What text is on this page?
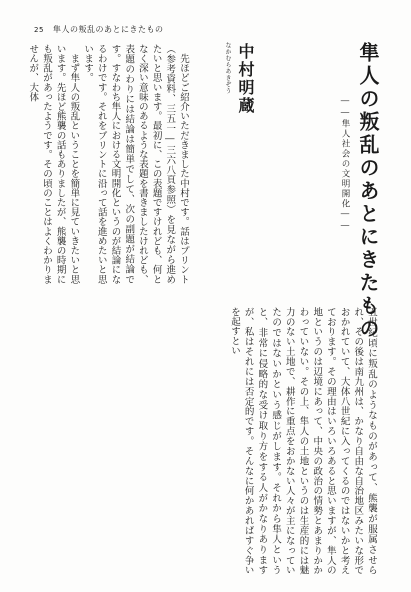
25 隼人の叛乱のあとにきたもの
隼人の叛乱のあとにきたもの
――隼人社会の文明開化――
なかむらあきぞう 中村明蔵

　先ほどご紹介いただきました中村です。話はプリント（参考資料、三五一―三六八頁参照）を見ながら進めたいと思います。最初に、この表題ですけれども、何となく深い意味のあるような表題を書きましたけれども、表題のわりには結論は簡単でして、次の副題が結論です。すなわち隼人における文明開化というのが結論になるわけです。それをプリントに沿って話を進めたいと思います。

　まず隼人の叛乱ということを簡単に見ていきたいと思います。先ほど熊襲の話もありましたが、熊襲の時期にも叛乱があったようです。その頃のことはよくわかりませんが、大体

五世紀頃に叛乱のようなものがあって、熊襲が服属させられ、その後は南九州は、かなり自由な自治地区みたいな形でおかれていて、大体八世紀に入ってくるのではないかと考えております。その理由はいろいろあると思いますが、隼人の地というのは辺境にあって、中央の政治の情勢とあまりかかわっていない。その上、隼人の土地というのは生産的には魅力のない土地で、耕作に重点をおかない人々が主になっていたのではないかという感じがします。それから隼人というと、非常に侵略的な受け取り方をする人がかなりありますが、私はそれには否定的です。そんなに何かあればすぐ争いを起すとい
